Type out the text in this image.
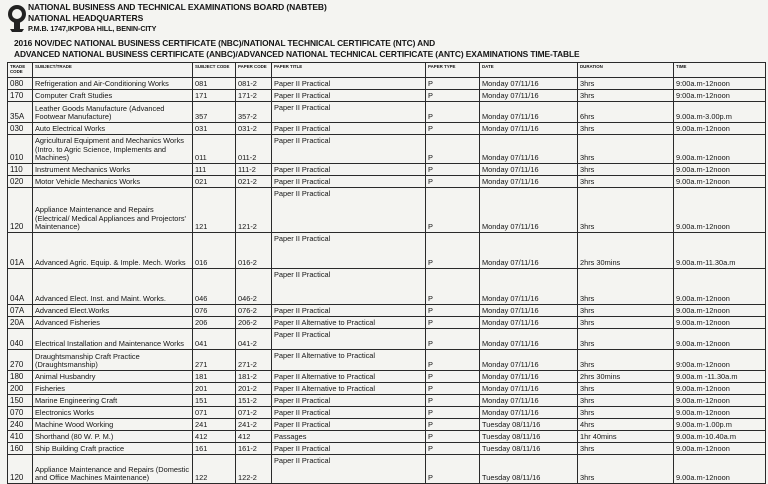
NATIONAL BUSINESS AND TECHNICAL EXAMINATIONS BOARD (NABTEB)
NATIONAL HEADQUARTERS
P.M.B. 1747,IKPOBA HILL, BENIN-CITY
2016 NOV/DEC NATIONAL BUSINESS CERTIFICATE (NBC)/NATIONAL TECHNICAL CERTIFICATE (NTC) AND
ADVANCED NATIONAL BUSINESS CERTIFICATE (ANBC)/ADVANCED NATIONAL TECHNICAL CERTIFICATE (ANTC) EXAMINATIONS TIME-TABLE
TRADE CODE	SUBJECT/TRADE	SUBJECT CODE	PAPER CODE	PAPER TITLE	PAPER TYPE	DATE	DURATION	TIME
080	Refrigeration and Air-Conditioning Works	081	081-2	Paper II Practical	P	Monday 07/11/16	3hrs	9:00a.m-12noon
170	Computer Craft Studies	171	171-2	Paper II Practical	P	Monday 07/11/16	3hrs	9:00a.m-12noon
35A	Leather Goods Manufacture (Advanced Footwear Manufacture)	357	357-2	Paper II Practical	P	Monday 07/11/16	6hrs	9.00a.m-3.00p.m
030	Auto Electrical Works	031	031-2	Paper II Practical	P	Monday 07/11/16	3hrs	9.00a.m-12noon
010	Agricultural Equipment and Mechanics Works (Intro. to Agric Science, Implements and Machines)	011	011-2	Paper II Practical	P	Monday 07/11/16	3hrs	9.00a.m-12noon
110	Instrument Mechanics Works	111	111-2	Paper II Practical	P	Monday 07/11/16	3hrs	9.00a.m-12noon
020	Motor Vehicle Mechanics Works	021	021-2	Paper II Practical	P	Monday 07/11/16	3hrs	9.00a.m-12noon
120	Appliance Maintenance and Repairs (Electrical/ Medical Appliances and Projectors' Maintenance)	121	121-2	Paper II Practical	P	Monday 07/11/16	3hrs	9.00a.m-12noon
01A	Advanced Agric. Equip. & Imple. Mech. Works	016	016-2	Paper II Practical	P	Monday 07/11/16	2hrs 30mins	9.00a.m-11.30a.m
04A	Advanced Elect. Inst. and Maint. Works.	046	046-2	Paper II Practical	P	Monday 07/11/16	3hrs	9.00a.m-12noon
07A	Advanced Elect.Works	076	076-2	Paper II Practical	P	Monday 07/11/16	3hrs	9.00a.m-12noon
20A	Advanced Fisheries	206	206-2	Paper II Alternative to Practical	P	Monday 07/11/16	3hrs	9.00a.m-12noon
040	Electrical Installation and Maintenance Works	041	041-2	Paper II Practical	P	Monday 07/11/16	3hrs	9.00a.m-12noon
270	Draughtsmanship Craft Practice (Draughtsmanship)	271	271-2	Paper II Alternative to Practical	P	Monday 07/11/16	3hrs	9:00a.m-12noon
180	Animal Husbandry	181	181-2	Paper II Alternative to Practical	P	Monday 07/11/16	2hrs 30mins	9.00a.m -11.30a.m
200	Fisheries	201	201-2	Paper II Alternative to Practical	P	Monday 07/11/16	3hrs	9.00a.m-12noon
150	Marine Engineering Craft	151	151-2	Paper II Practical	P	Monday 07/11/16	3hrs	9.00a.m-12noon
070	Electronics Works	071	071-2	Paper II Practical	P	Monday 07/11/16	3hrs	9.00a.m-12noon
240	Machine Wood Working	241	241-2	Paper II Practical	P	Tuesday 08/11/16	4hrs	9.00a.m-1.00p.m
410	Shorthand (80 W. P. M.)	412	412	Passages	P	Tuesday 08/11/16	1hr 40mins	9.00a.m-10.40a.m
160	Ship Building Craft practice	161	161-2	Paper II Practical	P	Tuesday 08/11/16	3hrs	9.00a.m-12noon
120	Appliance Maintenance and Repairs (Domestic and Office Machines Maintenance)	122	122-2	Paper II Practical	P	Tuesday 08/11/16	3hrs	9.00a.m-12noon
